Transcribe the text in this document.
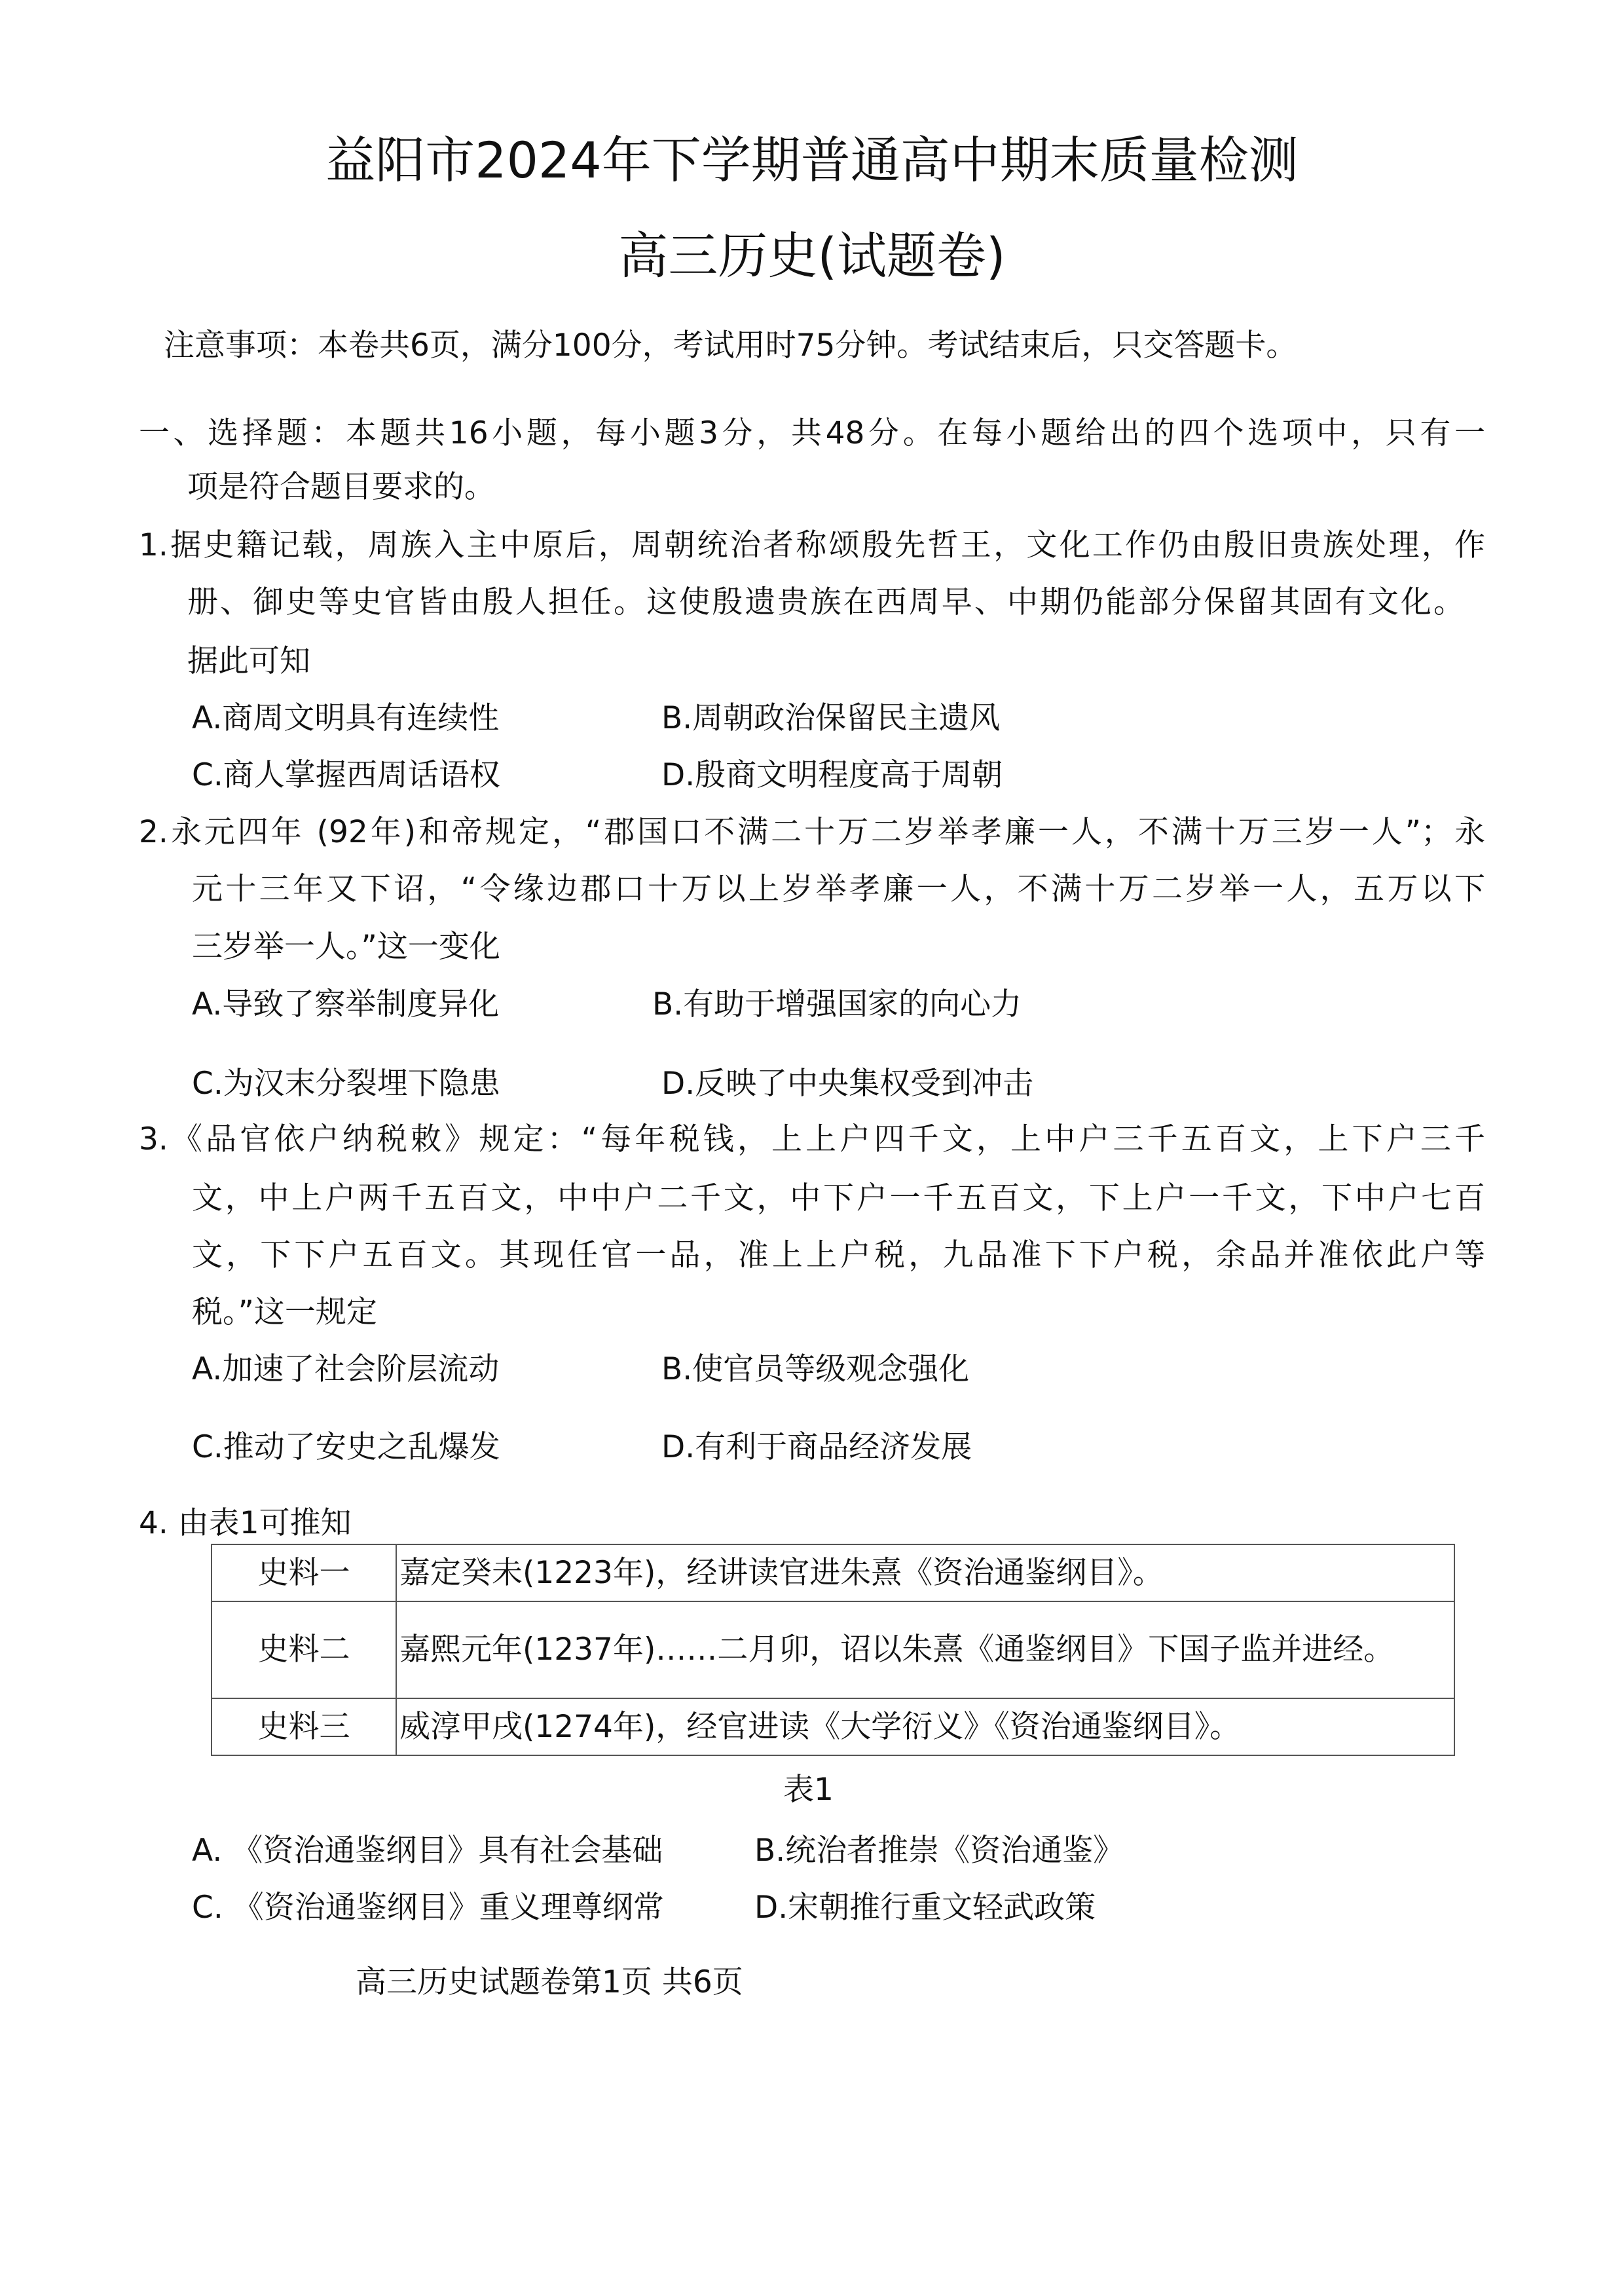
益阳市2024年下学期普通高中期末质量检测
高三历史(试题卷)
注意事项：本卷共6页，满分100分，考试用时75分钟。考试结束后，只交答题卡。
一、选择题：本题共16小题，每小题3分，共48分。在每小题给出的四个选项中，只有一
项是符合题目要求的。
1.据史籍记载，周族入主中原后，周朝统治者称颂殷先哲王，文化工作仍由殷旧贵族处理，作
册、御史等史官皆由殷人担任。这使殷遗贵族在西周早、中期仍能部分保留其固有文化。
据此可知
A.商周文明具有连续性	B.周朝政治保留民主遗风
C.商人掌握西周话语权	D.殷商文明程度高于周朝
2.永元四年 (92年)和帝规定，“郡国口不满二十万二岁举孝廉一人，不满十万三岁一人”；永
元十三年又下诏，“令缘边郡口十万以上岁举孝廉一人，不满十万二岁举一人，五万以下
三岁举一人。”这一变化
A.导致了察举制度异化	B.有助于增强国家的向心力
C.为汉末分裂埋下隐患	D.反映了中央集权受到冲击
3.《品官依户纳税敕》规定：“每年税钱，上上户四千文，上中户三千五百文，上下户三千
文，中上户两千五百文，中中户二千文，中下户一千五百文，下上户一千文，下中户七百
文，下下户五百文。其现任官一品，准上上户税，九品准下下户税，余品并准依此户等
税。”这一规定
A.加速了社会阶层流动	B.使官员等级观念强化
C.推动了安史之乱爆发	D.有利于商品经济发展
4. 由表1可推知
史料一	嘉定癸未(1223年)，经讲读官进朱熹《资治通鉴纲目》。
史料二	嘉熙元年(1237年)……二月卯，诏以朱熹《通鉴纲目》下国子监并进经。
史料三	威淳甲戌(1274年)，经官进读《大学衍义》《资治通鉴纲目》。
表1
A. 《资治通鉴纲目》具有社会基础	B.统治者推崇《资治通鉴》
C. 《资治通鉴纲目》重义理尊纲常	D.宋朝推行重文轻武政策
高三历史试题卷第1页 共6页
